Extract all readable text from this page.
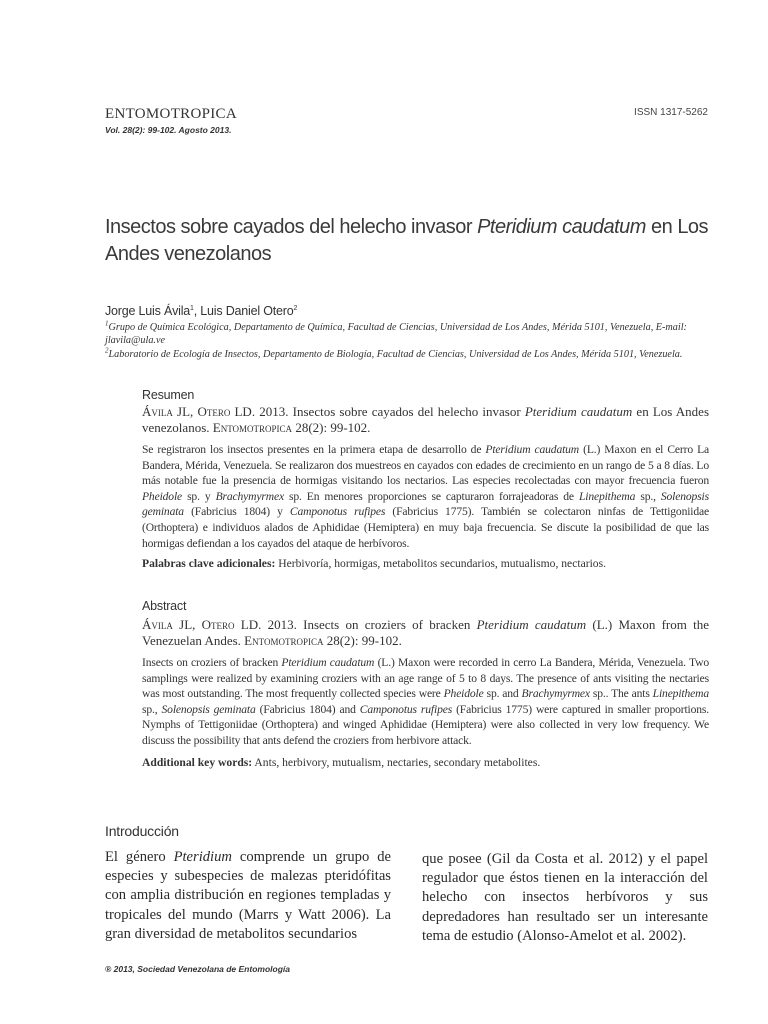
ENTOMOTROPICA
Vol. 28(2): 99-102. Agosto 2013.
ISSN 1317-5262
Insectos sobre cayados del helecho invasor Pteridium caudatum en Los Andes venezolanos
Jorge Luis Ávila$^1$, Luis Daniel Otero$^2$
$^1$Grupo de Química Ecológica, Departamento de Química, Facultad de Ciencias, Universidad de Los Andes, Mérida 5101, Venezuela, E-mail: jlavila@ula.ve
$^2$Laboratorio de Ecología de Insectos, Departamento de Biología, Facultad de Ciencias, Universidad de Los Andes, Mérida 5101, Venezuela.
Resumen
Ávila JL, Otero LD. 2013. Insectos sobre cayados del helecho invasor Pteridium caudatum en Los Andes venezolanos. Entomotropica 28(2): 99-102.
Se registraron los insectos presentes en la primera etapa de desarrollo de Pteridium caudatum (L.) Maxon en el Cerro La Bandera, Mérida, Venezuela. Se realizaron dos muestreos en cayados con edades de crecimiento en un rango de 5 a 8 días. Lo más notable fue la presencia de hormigas visitando los nectarios. Las especies recolectadas con mayor frecuencia fueron Pheidole sp. y Brachymyrmex sp. En menores proporciones se capturaron forrajeadoras de Linepithema sp., Solenopsis geminata (Fabricius 1804) y Camponotus rufipes (Fabricius 1775). También se colectaron ninfas de Tettigoniidae (Orthoptera) e individuos alados de Aphididae (Hemiptera) en muy baja frecuencia. Se discute la posibilidad de que las hormigas defiendan a los cayados del ataque de herbívoros.
Palabras clave adicionales: Herbivoría, hormigas, metabolitos secundarios, mutualismo, nectarios.
Abstract
Ávila JL, Otero LD. 2013. Insects on croziers of bracken Pteridium caudatum (L.) Maxon from the Venezuelan Andes. Entomotropica 28(2): 99-102.
Insects on croziers of bracken Pteridium caudatum (L.) Maxon were recorded in cerro La Bandera, Mérida, Venezuela. Two samplings were realized by examining croziers with an age range of 5 to 8 days. The presence of ants visiting the nectaries was most outstanding. The most frequently collected species were Pheidole sp. and Brachymyrmex sp.. The ants Linepithema sp., Solenopsis geminata (Fabricius 1804) and Camponotus rufipes (Fabricius 1775) were captured in smaller proportions. Nymphs of Tettigoniidae (Orthoptera) and winged Aphididae (Hemiptera) were also collected in very low frequency. We discuss the possibility that ants defend the croziers from herbivore attack.
Additional key words: Ants, herbivory, mutualism, nectaries, secondary metabolites.
Introducción
El género Pteridium comprende un grupo de especies y subespecies de malezas pteridófitas con amplia distribución en regiones templadas y tropicales del mundo (Marrs y Watt 2006). La gran diversidad de metabolitos secundarios
que posee (Gil da Costa et al. 2012) y el papel regulador que éstos tienen en la interacción del helecho con insectos herbívoros y sus depredadores han resultado ser un interesante tema de estudio (Alonso-Amelot et al. 2002).
® 2013, Sociedad Venezolana de Entomología
